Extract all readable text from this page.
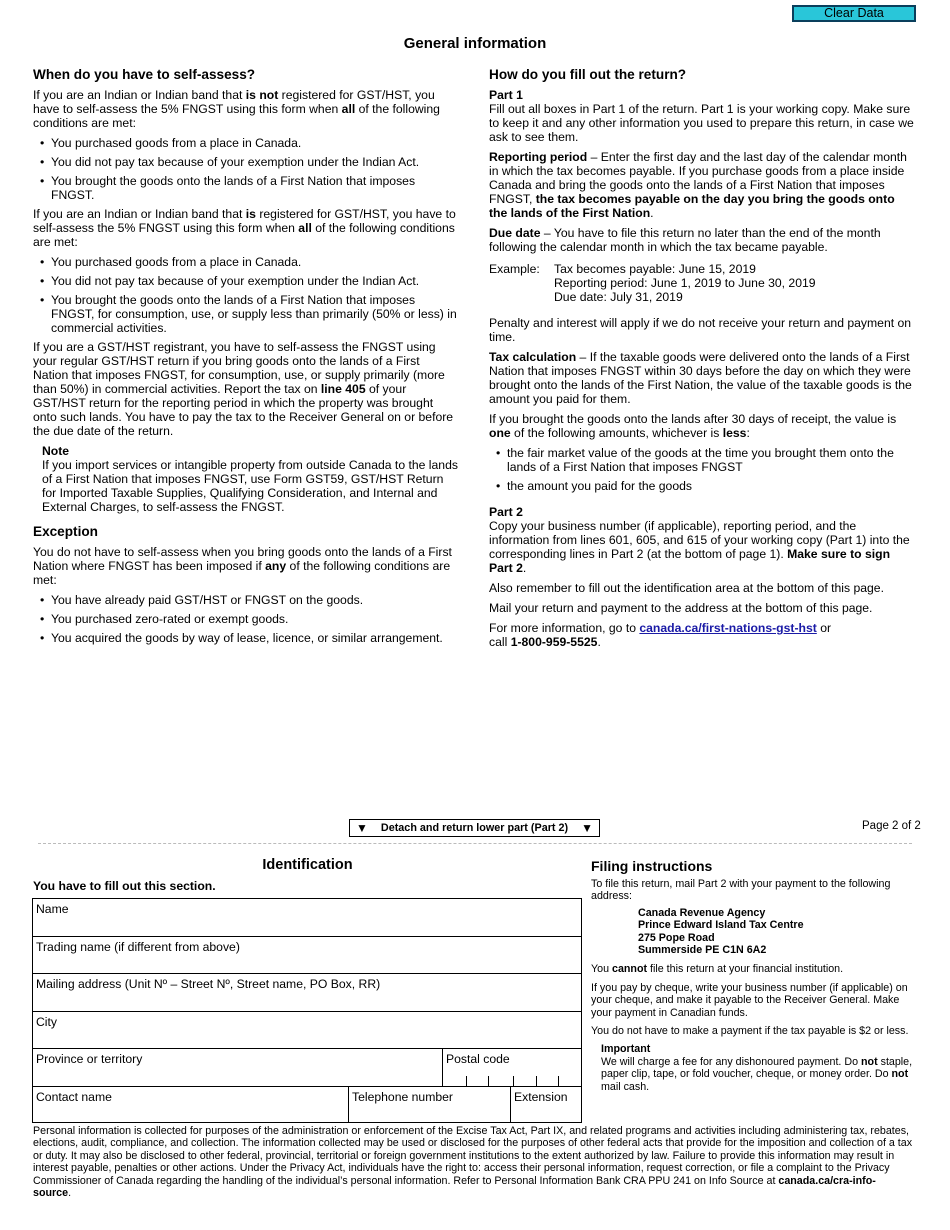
Clear Data
General information
When do you have to self-assess?

If you are an Indian or Indian band that is not registered for GST/HST, you have to self-assess the 5% FNGST using this form when all of the following conditions are met:

• You purchased goods from a place in Canada.
• You did not pay tax because of your exemption under the Indian Act.
• You brought the goods onto the lands of a First Nation that imposes FNGST.

If you are an Indian or Indian band that is registered for GST/HST, you have to self-assess the 5% FNGST using this form when all of the following conditions are met:

• You purchased goods from a place in Canada.
• You did not pay tax because of your exemption under the Indian Act.
• You brought the goods onto the lands of a First Nation that imposes FNGST, for consumption, use, or supply less than primarily (50% or less) in commercial activities.

If you are a GST/HST registrant, you have to self-assess the FNGST using your regular GST/HST return if you bring goods onto the lands of a First Nation that imposes FNGST, for consumption, use, or supply primarily (more than 50%) in commercial activities. Report the tax on line 405 of your GST/HST return for the reporting period in which the property was brought onto such lands. You have to pay the tax to the Receiver General on or before the due date of the return.

Note

If you import services or intangible property from outside Canada to the lands of a First Nation that imposes FNGST, use Form GST59, GST/HST Return for Imported Taxable Supplies, Qualifying Consideration, and Internal and External Charges, to self-assess the FNGST.

Exception

You do not have to self-assess when you bring goods onto the lands of a First Nation where FNGST has been imposed if any of the following conditions are met:

• You have already paid GST/HST or FNGST on the goods.
• You purchased zero-rated or exempt goods.
• You acquired the goods by way of lease, licence, or similar arrangement.
How do you fill out the return?
Part 1

Fill out all boxes in Part 1 of the return. Part 1 is your working copy. Make sure to keep it and any other information you used to prepare this return, in case we ask to see them.

Reporting period – Enter the first day and the last day of the calendar month in which the tax becomes payable. If you purchase goods from a place inside Canada and bring the goods onto the lands of a First Nation that imposes FNGST, the tax becomes payable on the day you bring the goods onto the lands of the First Nation.

Due date – You have to file this return no later than the end of the month following the calendar month in which the tax became payable.

Example:	Tax becomes payable: June 15, 2019
Reporting period: June 1, 2019 to June 30, 2019
Due date: July 31, 2019

Penalty and interest will apply if we do not receive your return and payment on time.

Tax calculation – If the taxable goods were delivered onto the lands of a First Nation that imposes FNGST within 30 days before the day on which they were brought onto the lands of the First Nation, the value of the taxable goods is the amount you paid for them.

If you brought the goods onto the lands after 30 days of receipt, the value is one of the following amounts, whichever is less:

• the fair market value of the goods at the time you brought them onto the lands of a First Nation that imposes FNGST
• the amount you paid for the goods
Part 2

Copy your business number (if applicable), reporting period, and the information from lines 601, 605, and 615 of your working copy (Part 1) into the corresponding lines in Part 2 (at the bottom of page 1). Make sure to sign Part 2.

Also remember to fill out the identification area at the bottom of this page.

Mail your return and payment to the address at the bottom of this page.

For more information, go to canada.ca/first-nations-gst-hst or
call 1-800-959-5525.

▼ Detach and return lower part (Part 2) ▼	Page 2 of 2
Identification
You have to fill out this section.
Name
Trading name (if different from above)
Mailing address (Unit Nº – Street Nº, Street name, PO Box, RR)
City
Province or territory	Postal code
Contact name	Telephone number	Extension
Filing instructions

To file this return, mail Part 2 with your payment to the following address:

Canada Revenue Agency
Prince Edward Island Tax Centre
275 Pope Road
Summerside PE C1N 6A2

You cannot file this return at your financial institution.

If you pay by cheque, write your business number (if applicable) on your cheque, and make it payable to the Receiver General. Make your payment in Canadian funds.

You do not have to make a payment if the tax payable is $2 or less.

Important

We will charge a fee for any dishonoured payment. Do not staple, paper clip, tape, or fold voucher, cheque, or money order. Do not mail cash.

Personal information is collected for purposes of the administration or enforcement of the Excise Tax Act, Part IX, and related programs and activities including administering tax, rebates, elections, audit, compliance, and collection. The information collected may be used or disclosed for the purposes of other federal acts that provide for the imposition and collection of a tax or duty. It may also be disclosed to other federal, provincial, territorial or foreign government institutions to the extent authorized by law. Failure to provide this information may result in interest payable, penalties or other actions. Under the Privacy Act, individuals have the right to: access their personal information, request correction, or file a complaint to the Privacy Commissioner of Canada regarding the handling of the individual’s personal information. Refer to Personal Information Bank CRA PPU 241 on Info Source at canada.ca/cra-info-source.
